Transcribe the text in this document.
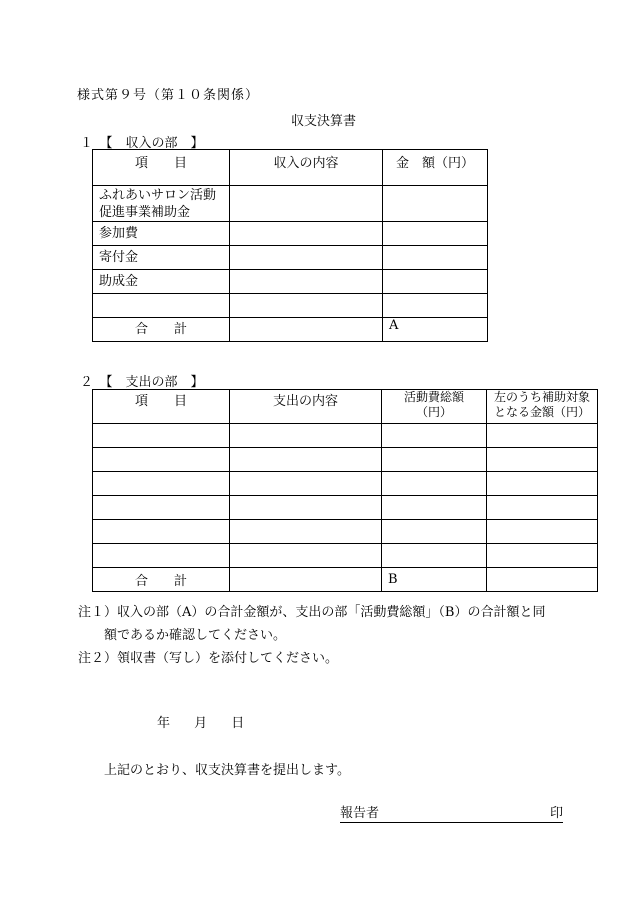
様式第９号（第１０条関係）
収支決算書
１　【　収入の部　】
項　　目	収入の内容	金　額（円）

ふれあいサロン活動促進事業補助金		

参加費		
寄付金		
助成金		

合　　計		A
２　【　支出の部　】
項　　目	支出の内容	活動費総額（円）	左のうち補助対象となる金額（円）

合　　計		B	
注１）収入の部（A）の合計金額が、支出の部「活動費総額」（B）の合計額と同
額であるか確認してください。
注２）領収書（写し）を添付してください。
年 月 日
上記のとおり、収支決算書を提出します。
報告者	印
